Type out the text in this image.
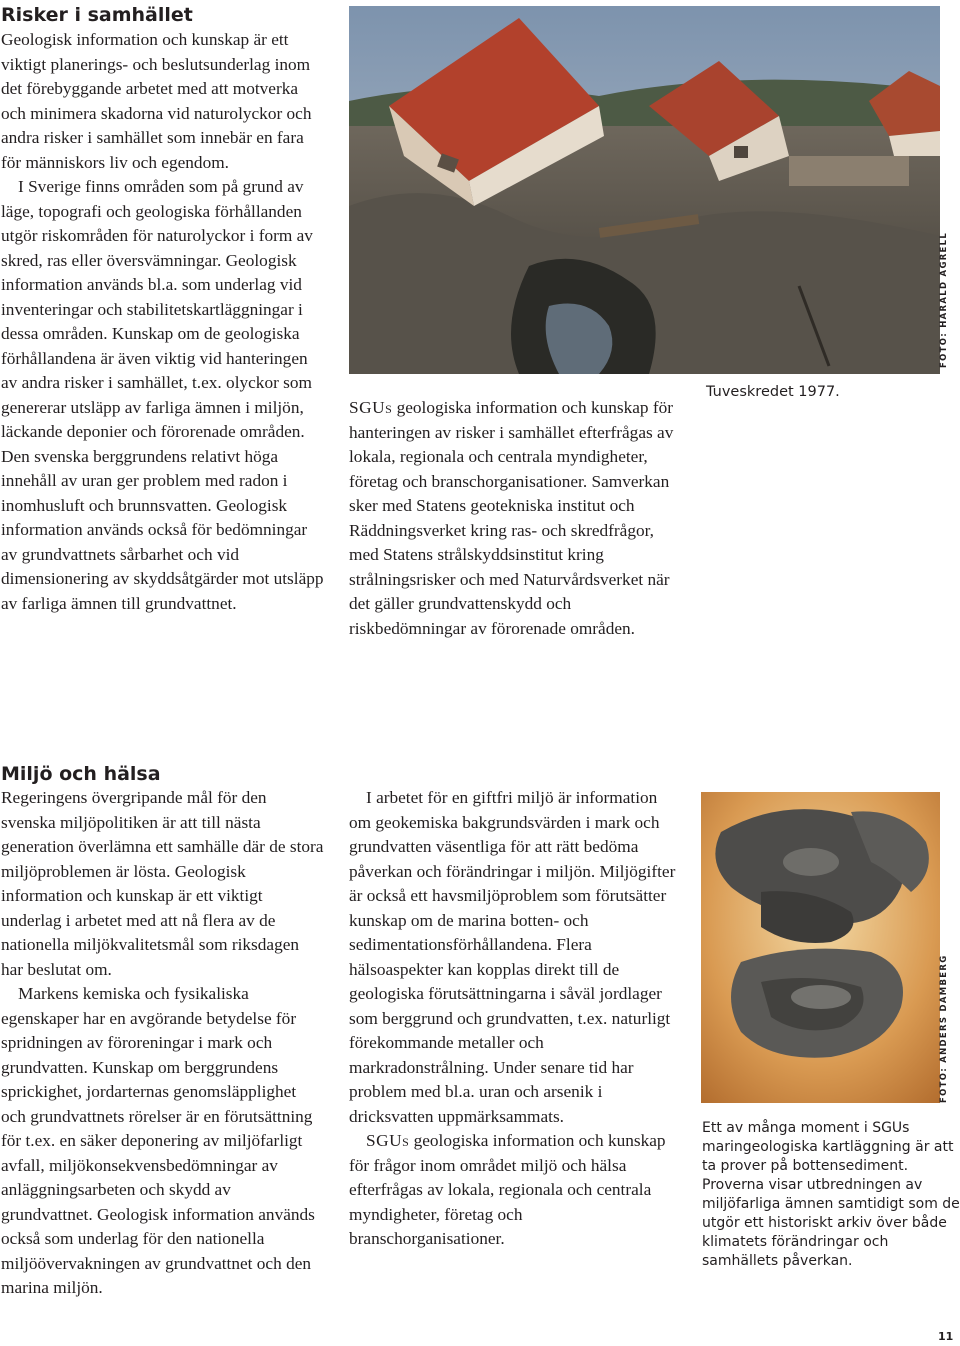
Risker i samhället

Geologisk information och kunskap är ett viktigt planerings- och beslutsunderlag inom det förebyggande arbetet med att motverka och minimera skadorna vid naturolyckor och andra risker i samhället som innebär en fara för människors liv och egendom.

I Sverige finns områden som på grund av läge, topografi och geologiska förhållanden utgör riskområden för naturolyckor i form av skred, ras eller översvämningar. Geologisk information används bl.a. som underlag vid inventeringar och stabilitetskartläggningar i dessa områden. Kunskap om de geologiska förhållandena är även viktig vid hanteringen av andra risker i samhället, t.ex. olyckor som genererar utsläpp av farliga ämnen i miljön, läckande deponier och förorenade områden. Den svenska berggrundens relativt höga innehåll av uran ger problem med radon i inomhusluft och brunnsvatten. Geologisk information används också för bedömningar av grundvattnets sårbarhet och vid dimensionering av skyddsåtgärder mot utsläpp av farliga ämnen till grundvattnet.

FOTO: HARALD AGRELL

SGUs geologiska information och kunskap för hanteringen av risker i samhället efterfrågas av lokala, regionala och centrala myndigheter, företag och branschorganisationer. Samverkan sker med Statens geotekniska institut och Räddningsverket kring ras- och skredfrågor, med Statens strålskyddsinstitut kring strålningsrisker och med Naturvårdsverket när det gäller grundvattenskydd och riskbedömningar av förorenade områden.

Tuveskredet 1977.

Miljö och hälsa

Regeringens övergripande mål för den svenska miljöpolitiken är att till nästa generation överlämna ett samhälle där de stora miljöproblemen är lösta. Geologisk information och kunskap är ett viktigt underlag i arbetet med att nå flera av de nationella miljökvalitetsmål som riksdagen har beslutat om.

Markens kemiska och fysikaliska egenskaper har en avgörande betydelse för spridningen av föroreningar i mark och grundvatten. Kunskap om berggrundens sprickighet, jordarternas genomsläpplighet och grundvattnets rörelser är en förutsättning för t.ex. en säker deponering av miljöfarligt avfall, miljökonsekvensbedömningar av anläggningsarbeten och skydd av grundvattnet. Geologisk information används också som underlag för den nationella miljöövervakningen av grundvattnet och den marina miljön.

I arbetet för en giftfri miljö är information om geokemiska bakgrundsvärden i mark och grundvatten väsentliga för att rätt bedöma påverkan och förändringar i miljön. Miljögifter är också ett havsmiljöproblem som förutsätter kunskap om de marina botten- och sedimentationsförhållandena. Flera hälsoaspekter kan kopplas direkt till de geologiska förutsättningarna i såväl jordlager som berggrund och grundvatten, t.ex. naturligt förekommande metaller och markradonstrålning. Under senare tid har problem med bl.a. uran och arsenik i dricksvatten uppmärksammats.

SGUs geologiska information och kunskap för frågor inom området miljö och hälsa efterfrågas av lokala, regionala och centrala myndigheter, företag och branschorganisationer.

FOTO: ANDERS DAMBERG

Ett av många moment i SGUs maringeologiska kartläggning är att ta prover på bottensediment. Proverna visar utbredningen av miljöfarliga ämnen samtidigt som de utgör ett historiskt arkiv över både klimatets förändringar och samhällets påverkan.

11
